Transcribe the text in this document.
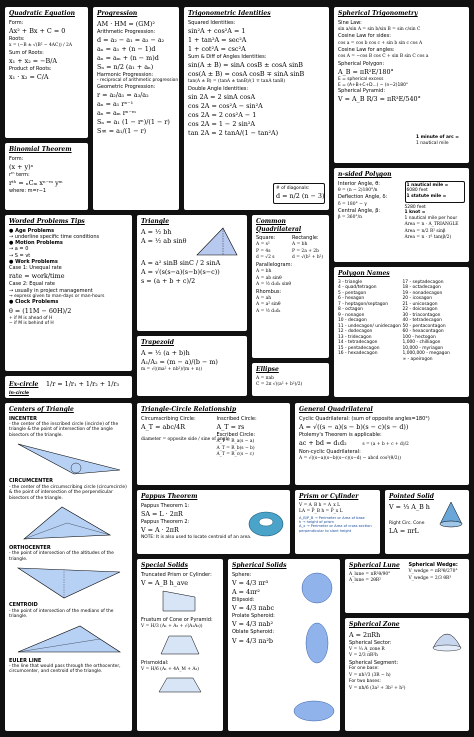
Quadratic Equation
Form:
Ax² + Bx + C = 0
Roots:
x = (−B ± √(B² − 4AC)) / 2A
Sum of Roots:
x₁ + x₂ = −B/A
Product of Roots:
x₁ · x₂ = C/A
Progression
AM · HM = (GM)²
Arithmetic Progression:
d = a₂ − a₁ = a₃ − a₂
aₙ = a₁ + (n − 1)d
aₙ = aₘ + (n − m)d
Sₙ = n/2 (a₁ + aₙ)
Harmonic Progression:
- reciprocal of arithmetic progression
Geometric Progression:
r = a₂/a₁ = a₃/a₂
aₙ = a₁ rⁿ⁻¹
aₙ = aₘ rⁿ⁻ᵐ
Sₙ = a₁ (1 − rⁿ)/(1 − r)
S∞ = a₁/(1 − r)
Trigonometric Identities
Squared Identities:
sin²A + cos²A = 1
1 + tan²A = sec²A
1 + cot²A = csc²A
Sum & Diff of Angles Identities:
sin(A ± B) = sinA cosB ± cosA sinB
cos(A ± B) = cosA cosB ∓ sinA sinB
tan(A ± B) = (tanA ± tanB)/(1 ∓ tanA tanB)
Double Angle Identities:
sin 2A = 2 sinA cosA
cos 2A = cos²A − sin²A
cos 2A = 2 cos²A − 1
cos 2A = 1 − 2 sin²A
tan 2A = 2 tanA/(1 − tan²A)
# of diagonals:
d = n/2 (n − 3)
Spherical Trigonometry
Sine Law:
sin a/sin A = sin b/sin B = sin c/sin C
Cosine Law for sides:
cos a = cos b cos c + sin b sin c cos A
Cosine Law for angles:
cos A = −cos B cos C + sin B sin C cos a
Spherical Polygon:
A_B = πR²E/180°
E = spherical excess
E = (A+B+C+D...) − (n−2)180°
Spherical Pyramid:
V = A_B R/3 = πR³E/540°
1 minute of arc =
1 nautical mile
Binomial Theorem
Form:
(x + y)ⁿ
rᵗʰ term:
rᵗʰ = ₙCₘ xⁿ⁻ᵐ yᵐ
where: m=r−1
n-sided Polygon
Interior Angle, θ:
θ = (n − 2)180°/n
Deflection Angle, δ:
δ = 180° − γ
Central Angle, β:
β = 360°/n
1 nautical mile =
6080 feet
1 statute mile =
5280 feet
1 knot =
1 nautical mile per hour
Area = n · A_TRIANGLE
Area = n/2 R² sinβ
Area = n · r² tan(β/2)
Worded Problems Tips
● Age Problems
→ underline specific time conditions
● Motion Problems
→ a = 0
→ S = vt
● Work Problems
Case 1: Unequal rate
rate = work/time
Case 2: Equal rate
→ usually in project management
→ express given to man-days or man-hours
● Clock Problems
θ = (11M − 60H)/2
+ if M is ahead of H
− if M is behind of H
Triangle
A = ½ bh
A = ½ ab sinθ
A = a² sinB sinC / 2 sinA
A = √(s(s−a)(s−b)(s−c))
s = (a + b + c)/2
Common Quadrilateral
Square:
A = s²
P = 4s
d = √2 s
Rectangle:
A = bh
P = 2a + 2b
d = √(b² + h²)
Parallelogram:
A = bh
A = ab sinθ
A = ½ d₁d₂ sinθ
Rhombus:
A = ah
A = a² sinθ
A = ½ d₁d₂
Polygon Names
3 - triangle
4 - quad/tetragon
5 - pentagon
6 - hexagon
7 - heptagon/septagon
8 - octagon
9 - nonagon
10 - decagon
11 - undecagon/ unidecagon
12 - dodecagon
13 - tridecagon
14 - tetradecagon
15 - pentadecagon
16 - hexadecagon
17 - septadecagon
18 - octadecagon
19 - nonadecagon
20 - icosagon
21 - unicosagon
22 - doicosagon
30 - triacontagon
40 - tetradecagon
50 - pentacontagon
60 - hexacontagon
100 - hectogon
1,000 - chilliagon
10,000 - myriagon
1,000,000 - megagon
∞ - apeirogon
Trapezoid
A = ½ (a + b)h
A₁/A₂ = (m − a)/(b − m)
m = √((ma² + nb²)/(m + n))	Ellipse
A = πab
C = 2π √((a² + b²)/2)
Ex-circle 1/r = 1/r₁ + 1/r₂ + 1/r₃
In-circle
Centers of Triangle
INCENTER
- the center of the inscribed circle (incircle) of the triangle & the point of intersection of the angle bisectors of the triangle.
CIRCUMCENTER
- the center of the circumscribing circle (circumcircle) & the point of intersection of the perpendicular bisectors of the triangle.
ORTHOCENTER
- the point of intersection of the altitudes of the triangle.
CENTROID
- the point of intersection of the medians of the triangle.
EULER LINE
- the line that would pass through the orthocenter, circumcenter, and centroid of the triangle.
Triangle-Circle Relationship
Circumscribing Circle:
A_T = abc/4R
diameter = opposite side / sine of angle
Inscribed Circle:
A_T = rs
Escribed Circle:
A_T = R_a(s − a)
A_T = R_b(s − b)
A_T = R_c(s − c)
General Quadrilateral
Cyclic Quadrilateral: (sum of opposite angles=180°)
A = √((s − a)(s − b)(s − c)(s − d))
Ptolemy's Theorem is applicable:
ac + bd = d₁d₂	s = (a + b + c + d)/2
Non-cyclic Quadrilateral:
A = √((s−a)(s−b)(s−c)(s−d) − abcd cos²(θ/2))
Pappus Theorem
Pappus Theorem 1:
SA = L · 2πR
Pappus Theorem 2:
V = A · 2πR
NOTE: It is also used to locate centroid of an area.
Prism or Cylinder
V = A_B h = A_x L
LA = P_B h = P_x L
A_B/P_B → Perimeter or Area of base
h → height of prism
A_x → Perimeter or Area of cross section perpendicular to slant height
Pointed Solid
V = ⅓ A_B h
Right Circ. Cone
LA = πrL
Special Solids
Truncated Prism or Cylinder:
V = A_B h_ave
Frustum of Cone or Pyramid:
V = H/3 (A₁ + A₂ + √(A₁A₂))
Prismoidal:
V = H/6 (A₁ + 4A_M + A₂)
Spherical Solids
Sphere:
V = 4/3 πr³
A = 4πr²
Ellipsoid:
V = 4/3 πabc
Prolate Spheroid:
V = 4/3 πab²
Oblate Spheroid:
V = 4/3 πa²b
Spherical Lune
A_lune = πR²θ/90°
A_lune = 2θR²
Spherical Wedge:
V_wedge = πR³θ/270°
V_wedge = 2/3 θR³
Spherical Zone
A = 2πRh
Spherical Sector:
V = ⅓ A_zone R
V = 2/3 πR²h
Spherical Segment:
For one base:
V = πh²/3 (3R − h)
For two bases:
V = πh/6 (3a² + 3b² + h²)
